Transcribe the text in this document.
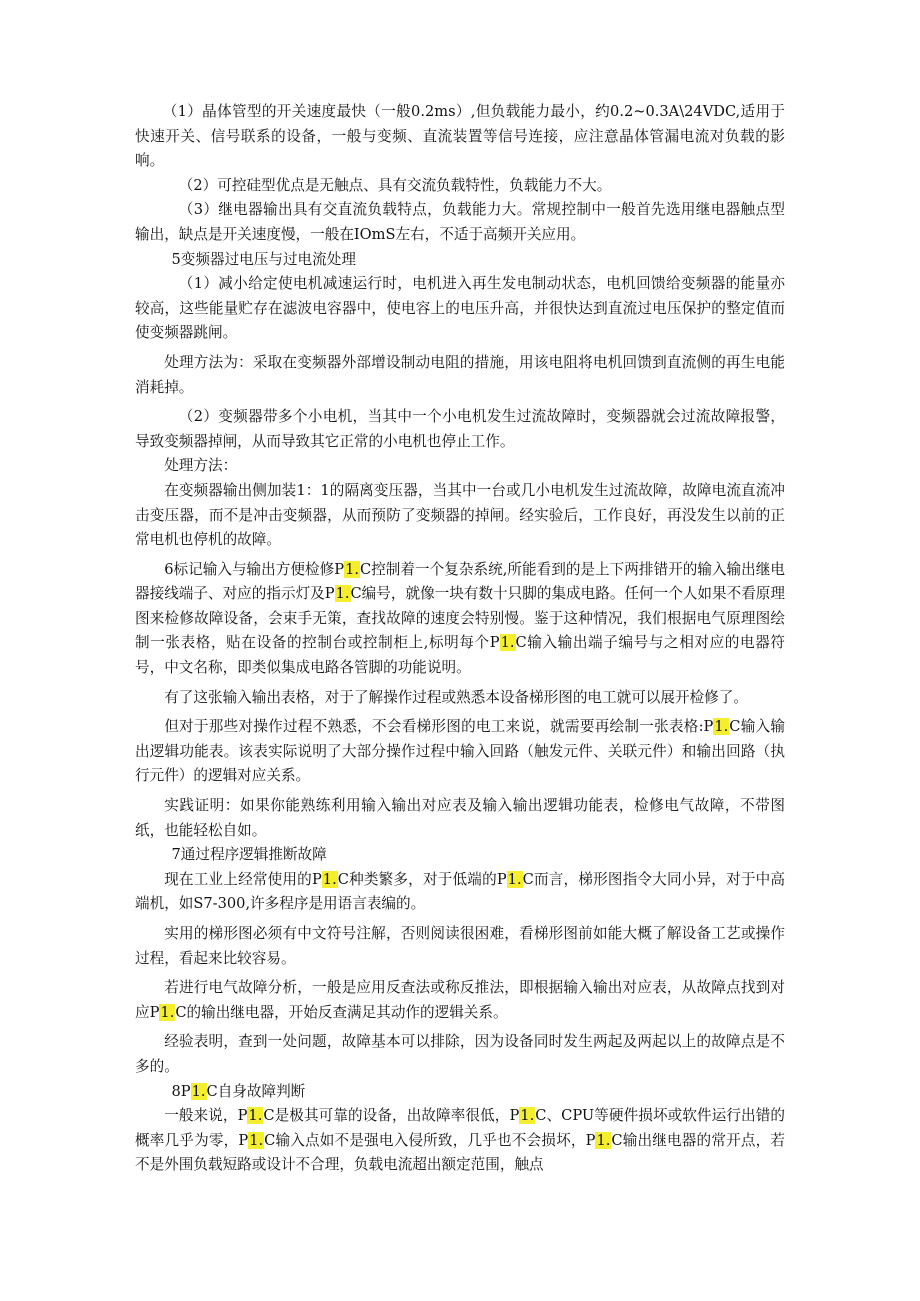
（1）晶体管型的开关速度最快（一般0.2ms）,但负载能力最小，约0.2~0.3A\24VDC,适用于快速开关、信号联系的设备，一般与变频、直流装置等信号连接，应注意晶体管漏电流对负载的影响。

（2）可控硅型优点是无触点、具有交流负载特性，负载能力不大。

（3）继电器输出具有交直流负载特点，负载能力大。常规控制中一般首先选用继电器触点型输出，缺点是开关速度慢，一般在IOmS左右，不适于高频开关应用。

5变频器过电压与过电流处理

（1）减小给定使电机减速运行时，电机进入再生发电制动状态，电机回馈给变频器的能量亦较高，这些能量贮存在滤波电容器中，使电容上的电压升高，并很快达到直流过电压保护的整定值而使变频器跳闸。

处理方法为：采取在变频器外部增设制动电阻的措施，用该电阻将电机回馈到直流侧的再生电能消耗掉。

（2）变频器带多个小电机，当其中一个小电机发生过流故障时，变频器就会过流故障报警，导致变频器掉闸，从而导致其它正常的小电机也停止工作。

处理方法：

在变频器输出侧加装1：1的隔离变压器，当其中一台或几小电机发生过流故障，故障电流直流冲击变压器，而不是冲击变频器，从而预防了变频器的掉闸。经实验后，工作良好，再没发生以前的正常电机也停机的故障。

6标记输入与输出方便检修P1.C控制着一个复杂系统,所能看到的是上下两排错开的输入输出继电器接线端子、对应的指示灯及P1.C编号，就像一块有数十只脚的集成电路。任何一个人如果不看原理图来检修故障设备，会束手无策，查找故障的速度会特别慢。鉴于这种情况，我们根据电气原理图绘制一张表格，贴在设备的控制台或控制柜上,标明每个P1.C输入输出端子编号与之相对应的电器符号，中文名称，即类似集成电路各管脚的功能说明。

有了这张输入输出表格，对于了解操作过程或熟悉本设备梯形图的电工就可以展开检修了。

但对于那些对操作过程不熟悉，不会看梯形图的电工来说，就需要再绘制一张表格:P1.C输入输出逻辑功能表。该表实际说明了大部分操作过程中输入回路（触发元件、关联元件）和输出回路（执行元件）的逻辑对应关系。

实践证明：如果你能熟练利用输入输出对应表及输入输出逻辑功能表，检修电气故障，不带图纸，也能轻松自如。

7通过程序逻辑推断故障

现在工业上经常使用的P1.C种类繁多，对于低端的P1.C而言，梯形图指令大同小异，对于中高端机，如S7-300,许多程序是用语言表编的。

实用的梯形图必须有中文符号注解，否则阅读很困难，看梯形图前如能大概了解设备工艺或操作过程，看起来比较容易。

若进行电气故障分析，一般是应用反查法或称反推法，即根据输入输出对应表，从故障点找到对应P1.C的输出继电器，开始反查满足其动作的逻辑关系。

经验表明，查到一处问题，故障基本可以排除，因为设备同时发生两起及两起以上的故障点是不多的。

8P1.C自身故障判断

一般来说，P1.C是极其可靠的设备，出故障率很低，P1.C、CPU等硬件损坏或软件运行出错的概率几乎为零，P1.C输入点如不是强电入侵所致，几乎也不会损坏，P1.C输出继电器的常开点，若不是外围负载短路或设计不合理，负载电流超出额定范围，触点
